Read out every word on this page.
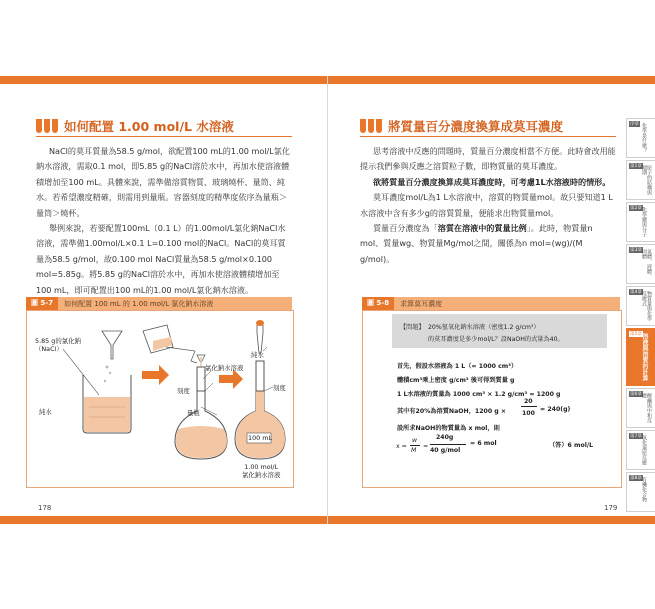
如何配置 1.00 mol/L 水溶液

NaCl的莫耳質量為58.5 g/mol，欲配置100 mL的1.00 mol/L氯化鈉水溶液，需取0.1 mol，即5.85 g的NaCl溶於水中，再加水使溶液體積增加至100 mL。具體來說，需準備溶質物質、玻璃燒杯、量筒、純水。若希望濃度精確，則需用到量瓶。容器刻度的精準度依序為量瓶＞量筒＞燒杯。

舉例來說，若要配置100mL（0.1 L）的1.00mol/L氯化鈉NaCl水溶液，需準備1.00mol/L×0.1 L=0.100 mol的NaCl。NaCl的莫耳質量為58.5 g/mol，故0.100 mol NaCl質量為58.5 g/mol×0.100 mol=5.85g。將5.85 g的NaCl溶於水中，再加水使溶液體積增加至100 mL，即可配置出100 mL的1.00 mol/L氯化鈉水溶液。

圖 5-7	如何配置 100 mL 的 1.00 mol/L 氯化鈉水溶液
5.85 g的氯化鈉
（NaCl）
純水
氯化鈉水溶液
刻度
量瓶
純水
刻度
100 mL
1.00 mol/L
氯化鈉水溶液
178
將質量百分濃度換算成莫耳濃度

思考溶液中反應的問題時，質量百分濃度相當不方便。此時會改用能提示我們參與反應之溶質粒子數，即物質量的莫耳濃度。

欲將質量百分濃度換算成莫耳濃度時，可考慮1L水溶液時的情形。

莫耳濃度mol/L為1 L水溶液中，溶質的物質量mol。故只要知道1 L水溶液中含有多少g的溶質質量，便能求出物質量mol。

質量百分濃度為「溶質在溶液中的質量比例」。此時，物質量n mol、質量wg、物質量Mg/mol之間，關係為n mol=(wg)/(M g/mol)。

圖 5-8	求算莫耳濃度
【問題】 20%氫氧化鈉水溶液（密度1.2 g/cm³）
的莫耳濃度是多少mol/L？設NaOH的式量為40。
首先，假設水溶液為 1 L（= 1000 cm³）
體積cm³乘上密度 g/cm³ 後可得到質量 g
1 L水溶液的質量為 1000 cm³ × 1.2 g/cm³ = 1200 g
其中有20%為溶質NaOH，1200 g ×
20
100
= 240(g)
設所求NaOH的物質量為 x mol，則
x =
w
M
=
240g
40 g/mol
= 6 mol	（答）6 mol/L
179
序章 化學是什麼？
第1章 原子的結構與週期
第2章 化學鍵與分子
第3章 氣體、液體、固體
第4章 物質量與化學反應式
第5章 溶液與溶質的計算
第6章 酸鹼與中和反應
第7章 氧化還原反應
第8章 有機化合物
